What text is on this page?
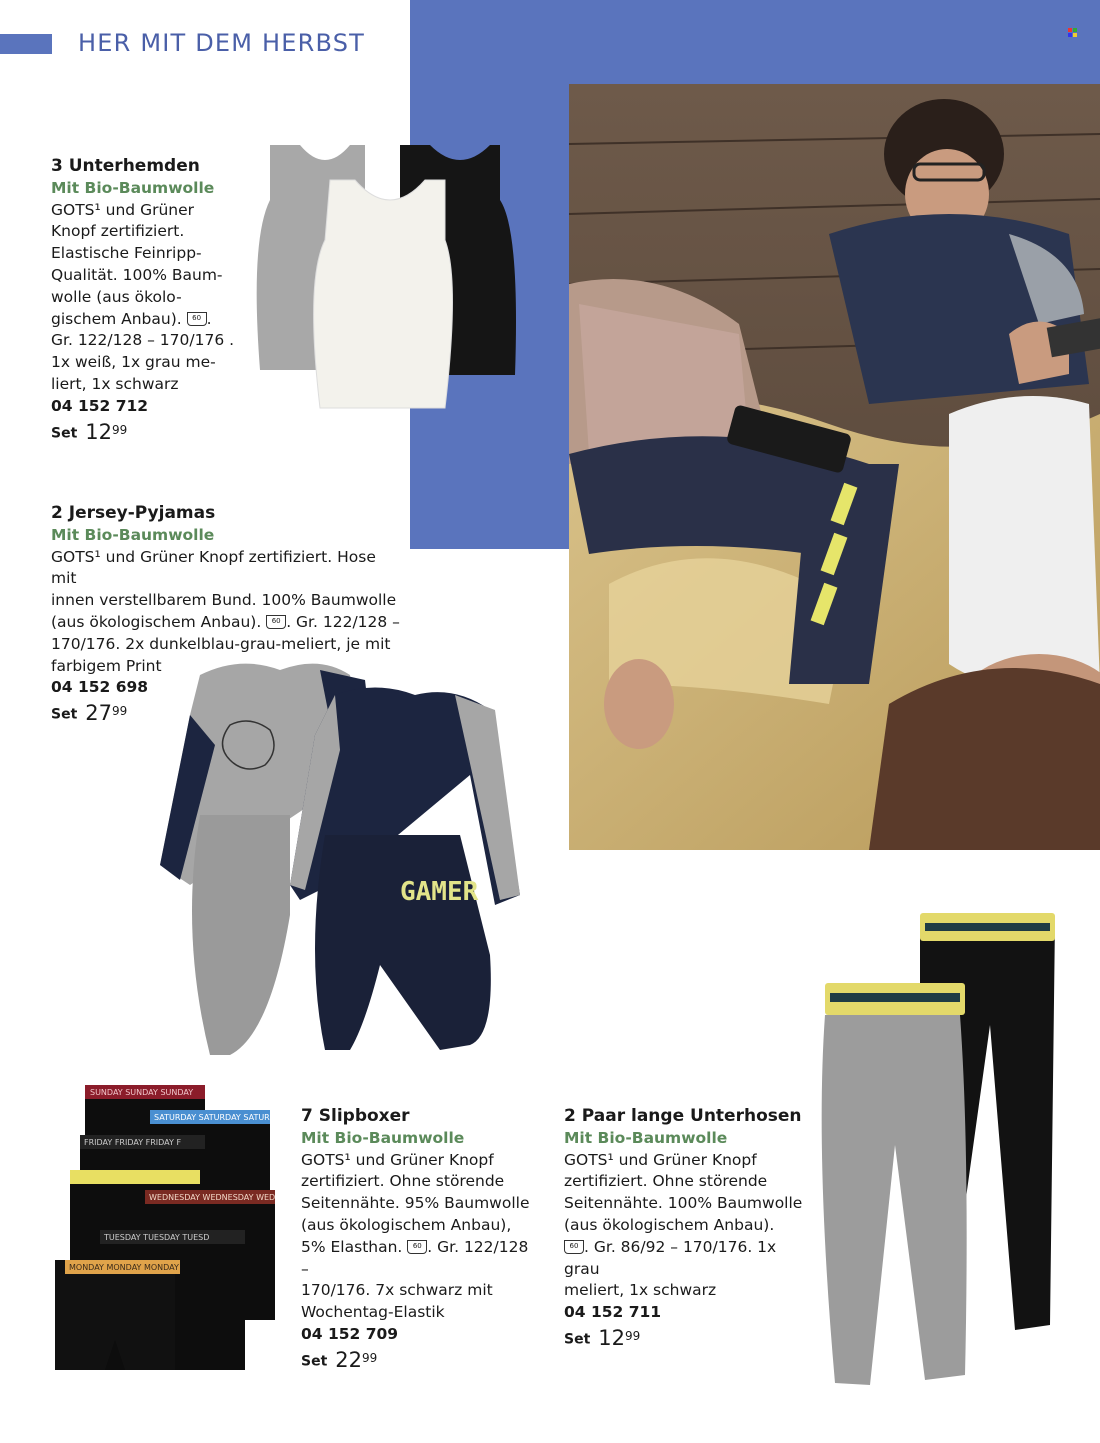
HER MIT DEM HERBST
GAMER
SUNDAY SUNDAY SUNDAY
SATURDAY SATURDAY SATUR
FRIDAY FRIDAY FRIDAY F
WEDNESDAY WEDNESDAY WED
TUESDAY TUESDAY TUESD
MONDAY MONDAY MONDAY
3 Unterhemden
Mit Bio-Baumwolle
GOTS¹ und Grüner
Knopf zertifiziert.
Elastische Feinripp-
Qualität. 100% Baum-
wolle (aus ökolo-
gischem Anbau). 60 .
Gr. 122/128 – 170/176 .
1x weiß, 1x grau me-
liert, 1x schwarz
04 152 712
Set $12^{99}$
2 Jersey-Pyjamas
Mit Bio-Baumwolle
GOTS¹ und Grüner Knopf zertifiziert. Hose mit
innen verstellbarem Bund. 100% Baumwolle
(aus ökologischem Anbau). 60 . Gr. 122/128 –
170/176. 2x dunkelblau-grau-meliert, je mit
farbigem Print
04 152 698
Set $27^{99}$
7 Slipboxer
Mit Bio-Baumwolle
GOTS¹ und Grüner Knopf
zertifiziert. Ohne störende
Seitennähte. 95% Baumwolle
(aus ökologischem Anbau),
5% Elasthan. 60 . Gr. 122/128 –
170/176. 7x schwarz mit
Wochentag-Elastik
04 152 709
Set $22^{99}$
2 Paar lange Unterhosen
Mit Bio-Baumwolle
GOTS¹ und Grüner Knopf
zertifiziert. Ohne störende
Seitennähte. 100% Baumwolle
(aus ökologischem Anbau).
60 . Gr. 86/92 – 170/176. 1x grau
meliert, 1x schwarz
04 152 711
Set $12^{99}$
